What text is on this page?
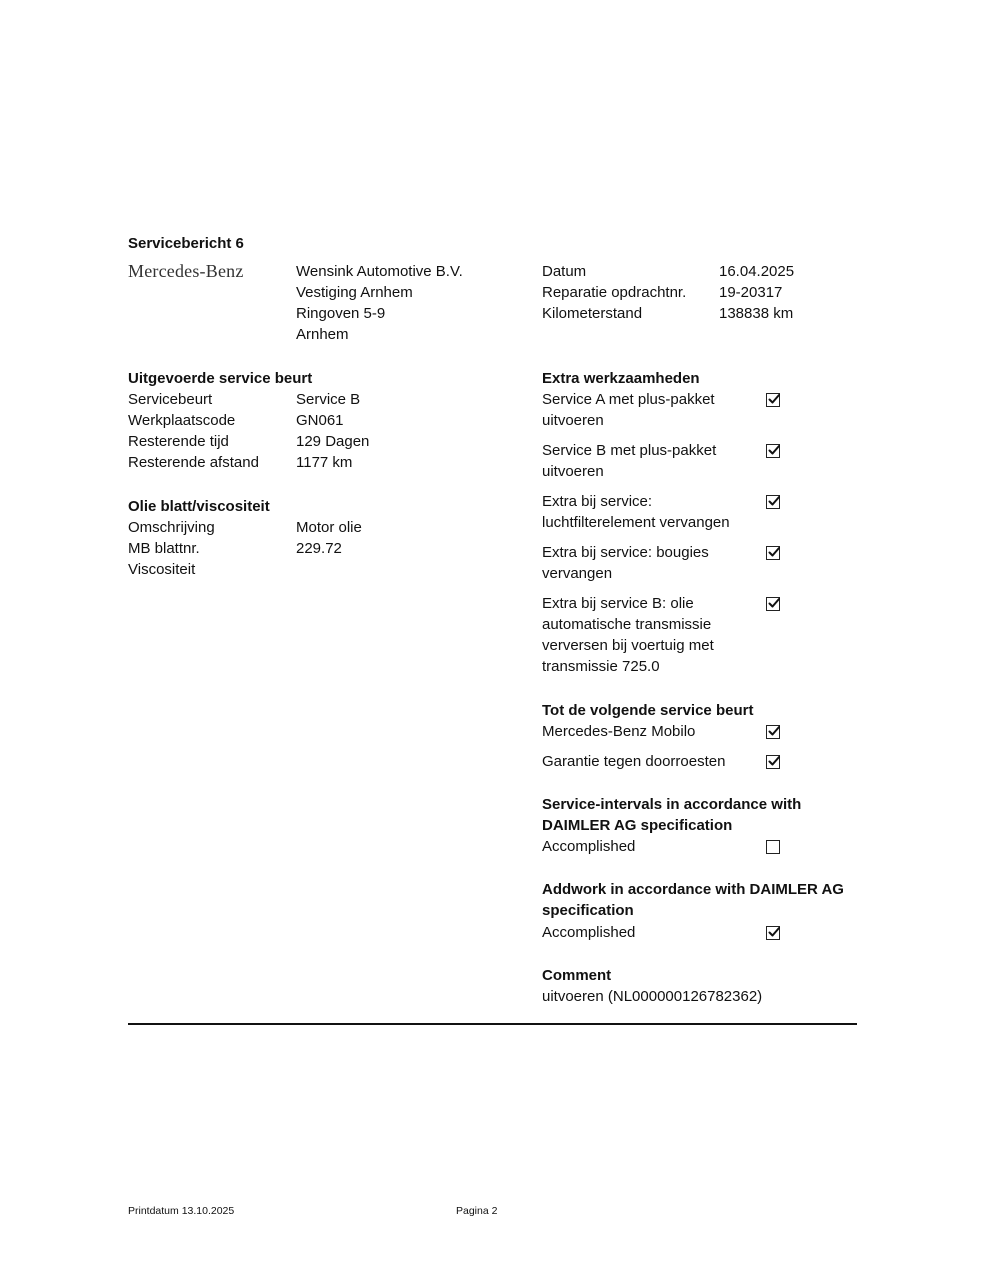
Servicebericht 6
Mercedes-Benz	Wensink Automotive B.V.
Vestiging Arnhem
Ringoven 5-9
Arnhem
Datum
Reparatie opdrachtnr.
Kilometerstand
16.04.2025
19-20317
138838 km
Uitgevoerde service beurt
Servicebeurt
Werkplaatscode
Resterende tijd
Resterende afstand
Service B
GN061
129 Dagen
1177 km
Olie blatt/viscositeit
Omschrijving
MB blattnr.
Viscositeit
Motor olie
229.72
Extra werkzaamheden
Service A met plus-pakket
uitvoeren
Service B met plus-pakket
uitvoeren
Extra bij service:
luchtfilterelement vervangen
Extra bij service: bougies
vervangen
Extra bij service B: olie
automatische transmissie
verversen bij voertuig met
transmissie 725.0
Tot de volgende service beurt
Mercedes-Benz Mobilo
Garantie tegen doorroesten
Service-intervals in accordance with
DAIMLER AG specification
Accomplished
Addwork in accordance with DAIMLER AG
specification
Accomplished
Comment
uitvoeren (NL000000126782362)
Printdatum 13.10.2025	Pagina 2
